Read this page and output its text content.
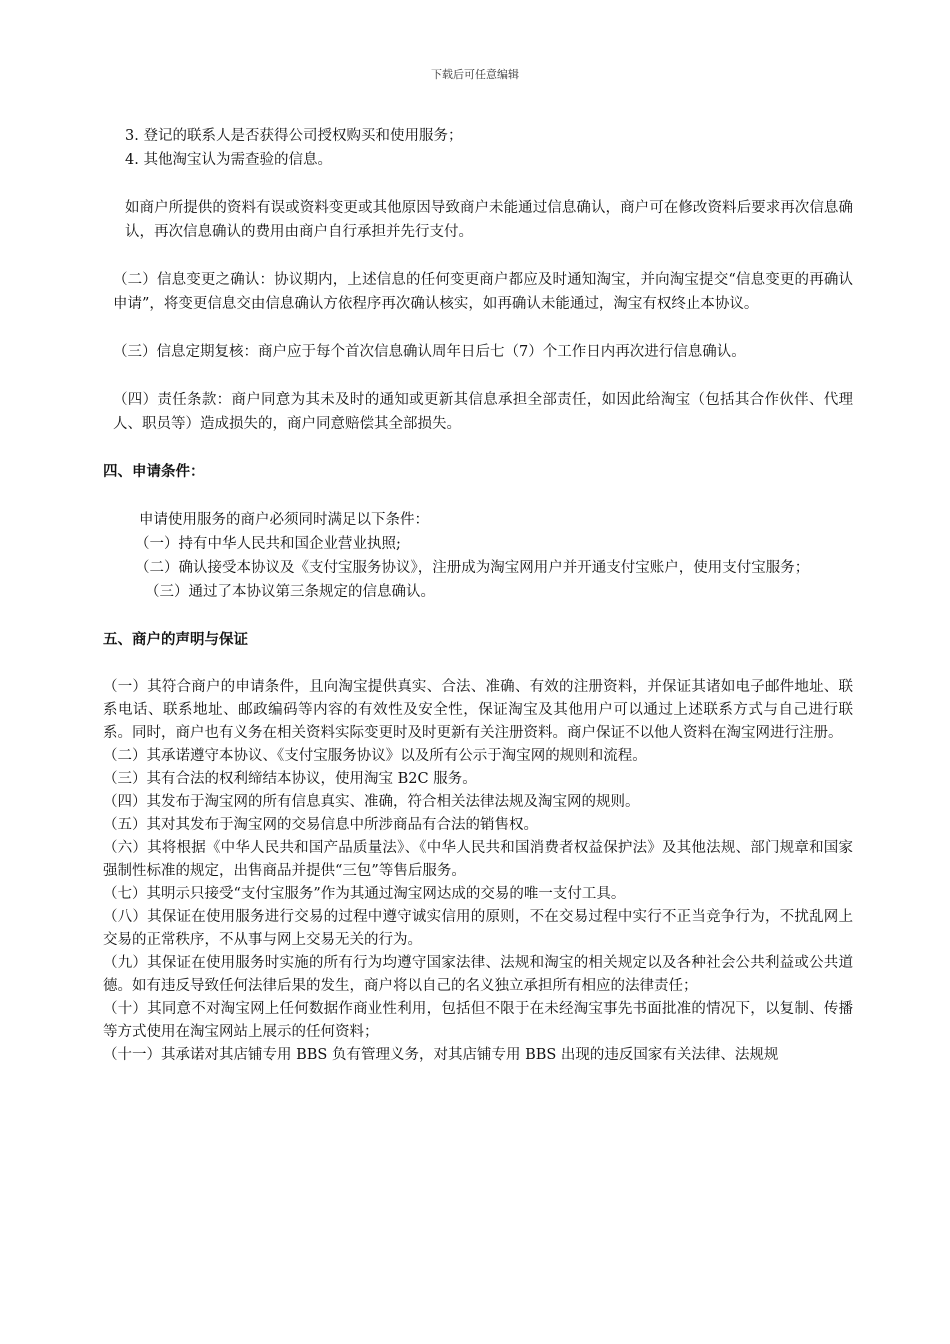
下载后可任意编辑

3. 登记的联系人是否获得公司授权购买和使用服务；

4. 其他淘宝认为需查验的信息。

如商户所提供的资料有误或资料变更或其他原因导致商户未能通过信息确认，商户可在修改资料后要求再次信息确认，再次信息确认的费用由商户自行承担并先行支付。

（二）信息变更之确认：协议期内，上述信息的任何变更商户都应及时通知淘宝，并向淘宝提交“信息变更的再确认申请”，将变更信息交由信息确认方依程序再次确认核实，如再确认未能通过，淘宝有权终止本协议。

（三）信息定期复核：商户应于每个首次信息确认周年日后七（7）个工作日内再次进行信息确认。

（四）责任条款：商户同意为其未及时的通知或更新其信息承担全部责任，如因此给淘宝（包括其合作伙伴、代理人、职员等）造成损失的，商户同意赔偿其全部损失。

四、申请条件：

申请使用服务的商户必须同时满足以下条件：

（一）持有中华人民共和国企业营业执照;

（二）确认接受本协议及《支付宝服务协议》，注册成为淘宝网用户并开通支付宝账户，使用支付宝服务；

（三）通过了本协议第三条规定的信息确认。

五、商户的声明与保证

（一）其符合商户的申请条件，且向淘宝提供真实、合法、准确、有效的注册资料，并保证其诸如电子邮件地址、联系电话、联系地址、邮政编码等内容的有效性及安全性，保证淘宝及其他用户可以通过上述联系方式与自己进行联系。同时，商户也有义务在相关资料实际变更时及时更新有关注册资料。商户保证不以他人资料在淘宝网进行注册。

（二）其承诺遵守本协议、《支付宝服务协议》以及所有公示于淘宝网的规则和流程。

（三）其有合法的权利缔结本协议，使用淘宝 B2C 服务。

（四）其发布于淘宝网的所有信息真实、准确，符合相关法律法规及淘宝网的规则。

（五）其对其发布于淘宝网的交易信息中所涉商品有合法的销售权。

（六）其将根据《中华人民共和国产品质量法》、《中华人民共和国消费者权益保护法》及其他法规、部门规章和国家强制性标准的规定，出售商品并提供“三包”等售后服务。

（七）其明示只接受“支付宝服务”作为其通过淘宝网达成的交易的唯一支付工具。

（八）其保证在使用服务进行交易的过程中遵守诚实信用的原则，不在交易过程中实行不正当竞争行为，不扰乱网上交易的正常秩序，不从事与网上交易无关的行为。

（九）其保证在使用服务时实施的所有行为均遵守国家法律、法规和淘宝的相关规定以及各种社会公共利益或公共道德。如有违反导致任何法律后果的发生，商户将以自己的名义独立承担所有相应的法律责任；

（十）其同意不对淘宝网上任何数据作商业性利用，包括但不限于在未经淘宝事先书面批准的情况下，以复制、传播等方式使用在淘宝网站上展示的任何资料；

（十一）其承诺对其店铺专用 BBS 负有管理义务，对其店铺专用 BBS 出现的违反国家有关法律、法规规
